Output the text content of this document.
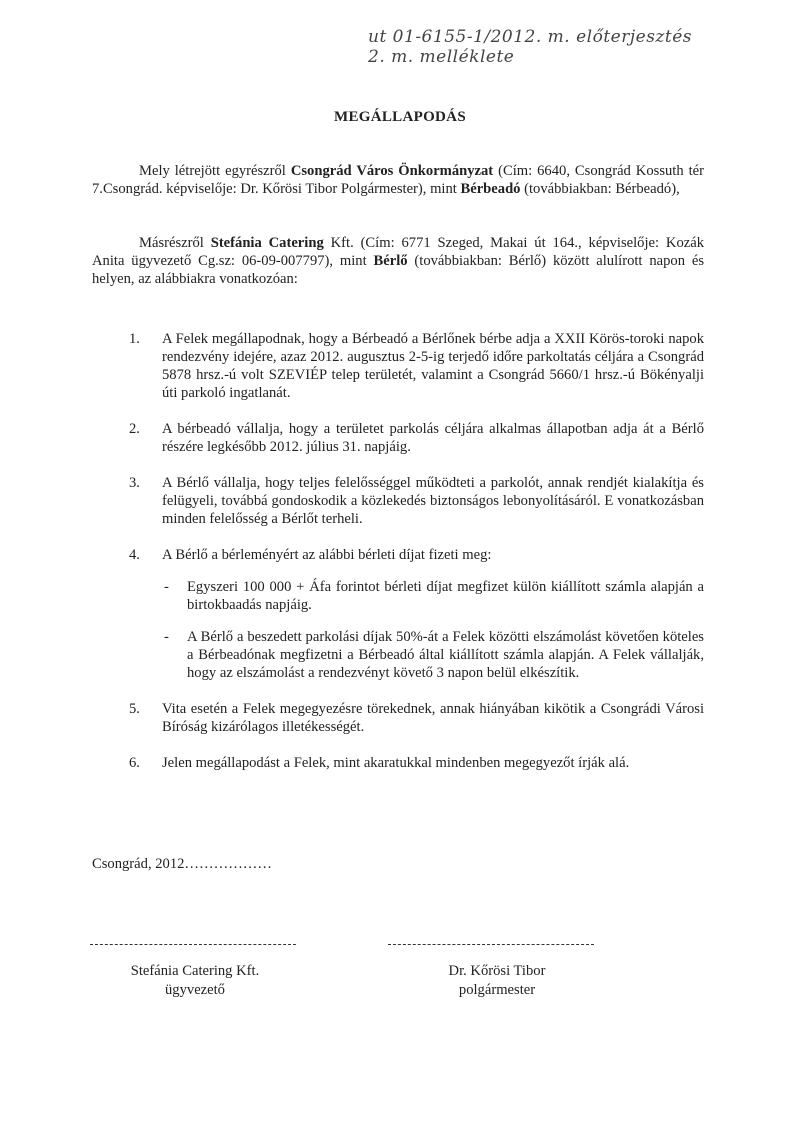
ut 01-6155-1/2012. m. előterjesztés
2. m. melléklete
MEGÁLLAPODÁS
Mely létrejött egyrészről Csongrád Város Önkormányzat (Cím: 6640, Csongrád Kossuth tér 7.Csongrád. képviselője: Dr. Kőrösi Tibor Polgármester), mint Bérbeadó (továbbiakban: Bérbeadó),
Másrészről Stefánia Catering Kft. (Cím: 6771 Szeged, Makai út 164., képviselője: Kozák Anita ügyvezető Cg.sz: 06-09-007797), mint Bérlő (továbbiakban: Bérlő) között alulírott napon és helyen, az alábbiakra vonatkozóan:
1.	A Felek megállapodnak, hogy a Bérbeadó a Bérlőnek bérbe adja a XXII Körös-toroki napok rendezvény idejére, azaz 2012. augusztus 2-5-ig terjedő időre parkoltatás céljára a Csongrád 5878 hrsz.-ú volt SZEVIÉP telep területét, valamint a Csongrád 5660/1 hrsz.-ú Bökényalji úti parkoló ingatlanát.
2.	A bérbeadó vállalja, hogy a területet parkolás céljára alkalmas állapotban adja át a Bérlő részére legkésőbb 2012. július 31. napjáig.
3.	A Bérlő vállalja, hogy teljes felelősséggel működteti a parkolót, annak rendjét kialakítja és felügyeli, továbbá gondoskodik a közlekedés biztonságos lebonyolításáról. E vonatkozásban minden felelősség a Bérlőt terheli.
4.	A Bérlő a bérleményért az alábbi bérleti díjat fizeti meg:
-	Egyszeri 100 000 + Áfa forintot bérleti díjat megfizet külön kiállított számla alapján a birtokbaadás napjáig.
-	A Bérlő a beszedett parkolási díjak 50%-át a Felek közötti elszámolást követően köteles a Bérbeadónak megfizetni a Bérbeadó által kiállított számla alapján. A Felek vállalják, hogy az elszámolást a rendezvényt követő 3 napon belül elkészítik.
5.	Vita esetén a Felek megegyezésre törekednek, annak hiányában kikötik a Csongrádi Városi Bíróság kizárólagos illetékességét.
6.	Jelen megállapodást a Felek, mint akaratukkal mindenben megegyezőt írják alá.
Csongrád, 2012………………
Stefánia Catering Kft.
ügyvezető
Dr. Kőrösi Tibor
polgármester
